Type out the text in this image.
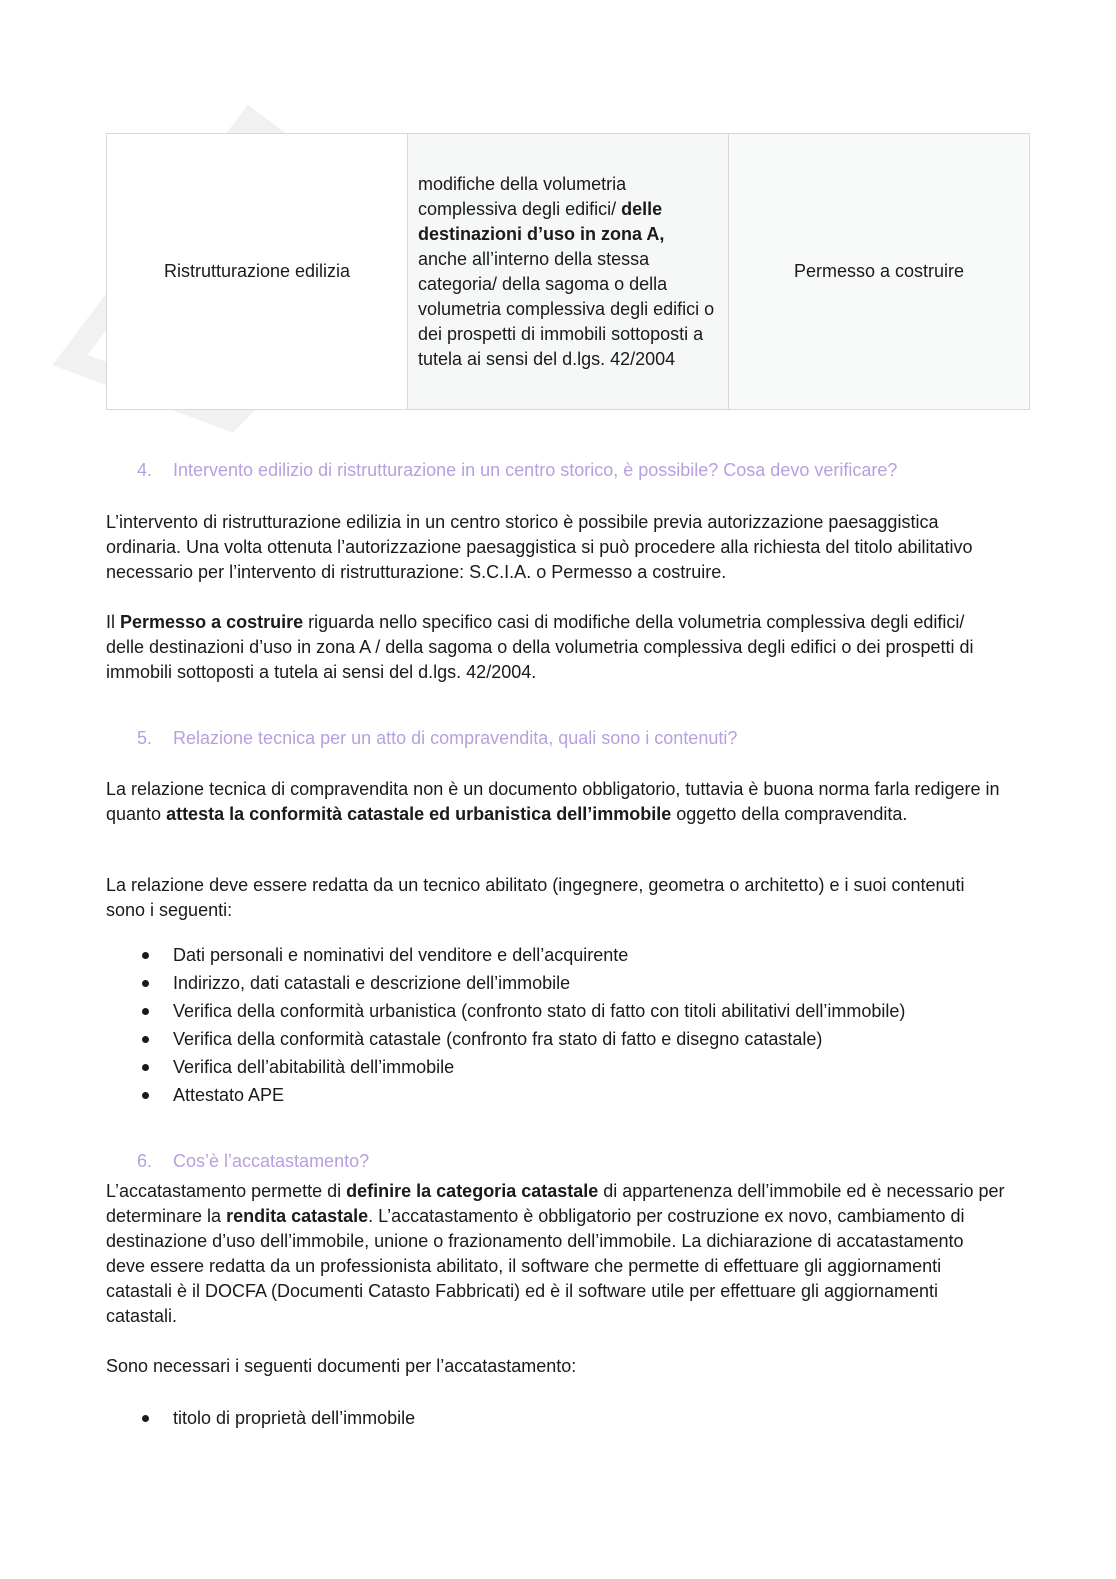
Ristrutturazione edilizia	modifiche della volumetria complessiva degli edifici/ delle destinazioni d’uso in zona A, anche all’interno della stessa categoria/ della sagoma o della volumetria complessiva degli edifici o dei prospetti di immobili sottoposti a tutela ai sensi del d.lgs. 42/2004	Permesso a costruire
4. Intervento edilizio di ristrutturazione in un centro storico, è possibile? Cosa devo verificare?

L’intervento di ristrutturazione edilizia in un centro storico è possibile previa autorizzazione paesaggistica ordinaria. Una volta ottenuta l’autorizzazione paesaggistica si può procedere alla richiesta del titolo abilitativo necessario per l’intervento di ristrutturazione: S.C.I.A. o Permesso a costruire.

Il Permesso a costruire riguarda nello specifico casi di modifiche della volumetria complessiva degli edifici/ delle destinazioni d’uso in zona A / della sagoma o della volumetria complessiva degli edifici o dei prospetti di immobili sottoposti a tutela ai sensi del d.lgs. 42/2004.

5. Relazione tecnica per un atto di compravendita, quali sono i contenuti?

La relazione tecnica di compravendita non è un documento obbligatorio, tuttavia è buona norma farla redigere in quanto attesta la conformità catastale ed urbanistica dell’immobile oggetto della compravendita.

La relazione deve essere redatta da un tecnico abilitato (ingegnere, geometra o architetto) e i suoi contenuti sono i seguenti:

Dati personali e nominativi del venditore e dell’acquirente
Indirizzo, dati catastali e descrizione dell’immobile
Verifica della conformità urbanistica (confronto stato di fatto con titoli abilitativi dell’immobile)
Verifica della conformità catastale (confronto fra stato di fatto e disegno catastale)
Verifica dell’abitabilità dell’immobile
Attestato APE
6. Cos’è l’accatastamento?

L’accatastamento permette di definire la categoria catastale di appartenenza dell’immobile ed è necessario per determinare la rendita catastale. L’accatastamento è obbligatorio per costruzione ex novo, cambiamento di destinazione d’uso dell’immobile, unione o frazionamento dell’immobile. La dichiarazione di accatastamento deve essere redatta da un professionista abilitato, il software che permette di effettuare gli aggiornamenti catastali è il DOCFA (Documenti Catasto Fabbricati) ed è il software utile per effettuare gli aggiornamenti catastali.

Sono necessari i seguenti documenti per l’accatastamento:

titolo di proprietà dell’immobile
